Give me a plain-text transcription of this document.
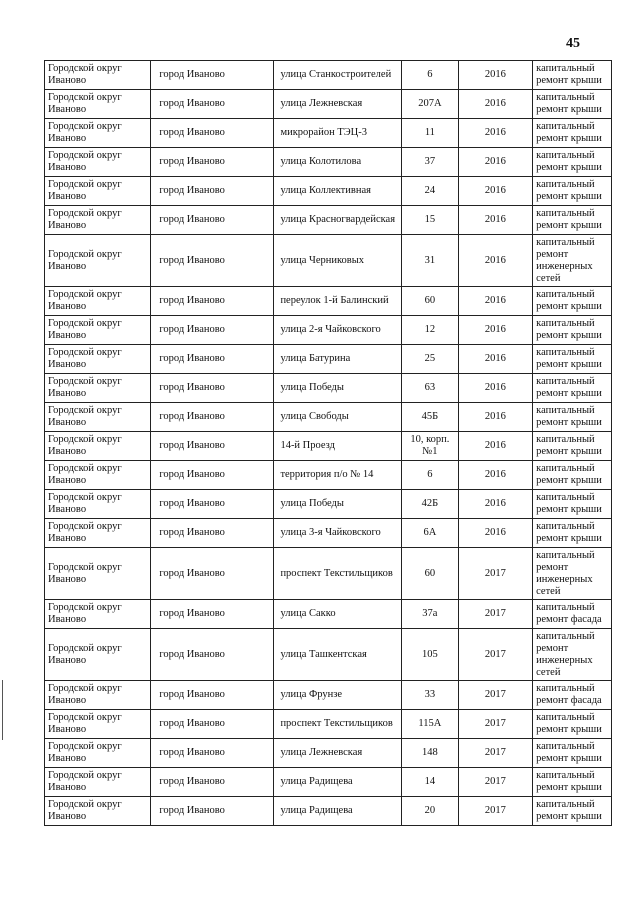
45
Городской округ Иваново	город Иваново	улица Станкостроителей	6	2016	капитальный ремонт крыши
Городской округ Иваново	город Иваново	улица Лежневская	207А	2016	капитальный ремонт крыши
Городской округ Иваново	город Иваново	микрорайон ТЭЦ-3	11	2016	капитальный ремонт крыши
Городской округ Иваново	город Иваново	улица Колотилова	37	2016	капитальный ремонт крыши
Городской округ Иваново	город Иваново	улица Коллективная	24	2016	капитальный ремонт крыши
Городской округ Иваново	город Иваново	улица Красногвардейская	15	2016	капитальный ремонт крыши
Городской округ Иваново	город Иваново	улица Черниковых	31	2016	капитальный ремонт инженерных сетей
Городской округ Иваново	город Иваново	переулок 1-й Балинский	60	2016	капитальный ремонт крыши
Городской округ Иваново	город Иваново	улица 2-я Чайковского	12	2016	капитальный ремонт крыши
Городской округ Иваново	город Иваново	улица Батурина	25	2016	капитальный ремонт крыши
Городской округ Иваново	город Иваново	улица Победы	63	2016	капитальный ремонт крыши
Городской округ Иваново	город Иваново	улица Свободы	45Б	2016	капитальный ремонт крыши
Городской округ Иваново	город Иваново	14-й Проезд	10, корп. №1	2016	капитальный ремонт крыши
Городской округ Иваново	город Иваново	территория п/о № 14	6	2016	капитальный ремонт крыши
Городской округ Иваново	город Иваново	улица Победы	42Б	2016	капитальный ремонт крыши
Городской округ Иваново	город Иваново	улица 3-я Чайковского	6А	2016	капитальный ремонт крыши
Городской округ Иваново	город Иваново	проспект Текстильщиков	60	2017	капитальный ремонт инженерных сетей
Городской округ Иваново	город Иваново	улица Сакко	37а	2017	капитальный ремонт фасада
Городской округ Иваново	город Иваново	улица Ташкентская	105	2017	капитальный ремонт инженерных сетей
Городской округ Иваново	город Иваново	улица Фрунзе	33	2017	капитальный ремонт фасада
Городской округ Иваново	город Иваново	проспект Текстильщиков	115А	2017	капитальный ремонт крыши
Городской округ Иваново	город Иваново	улица Лежневская	148	2017	капитальный ремонт крыши
Городской округ Иваново	город Иваново	улица Радищева	14	2017	капитальный ремонт крыши
Городской округ Иваново	город Иваново	улица Радищева	20	2017	капитальный ремонт крыши
